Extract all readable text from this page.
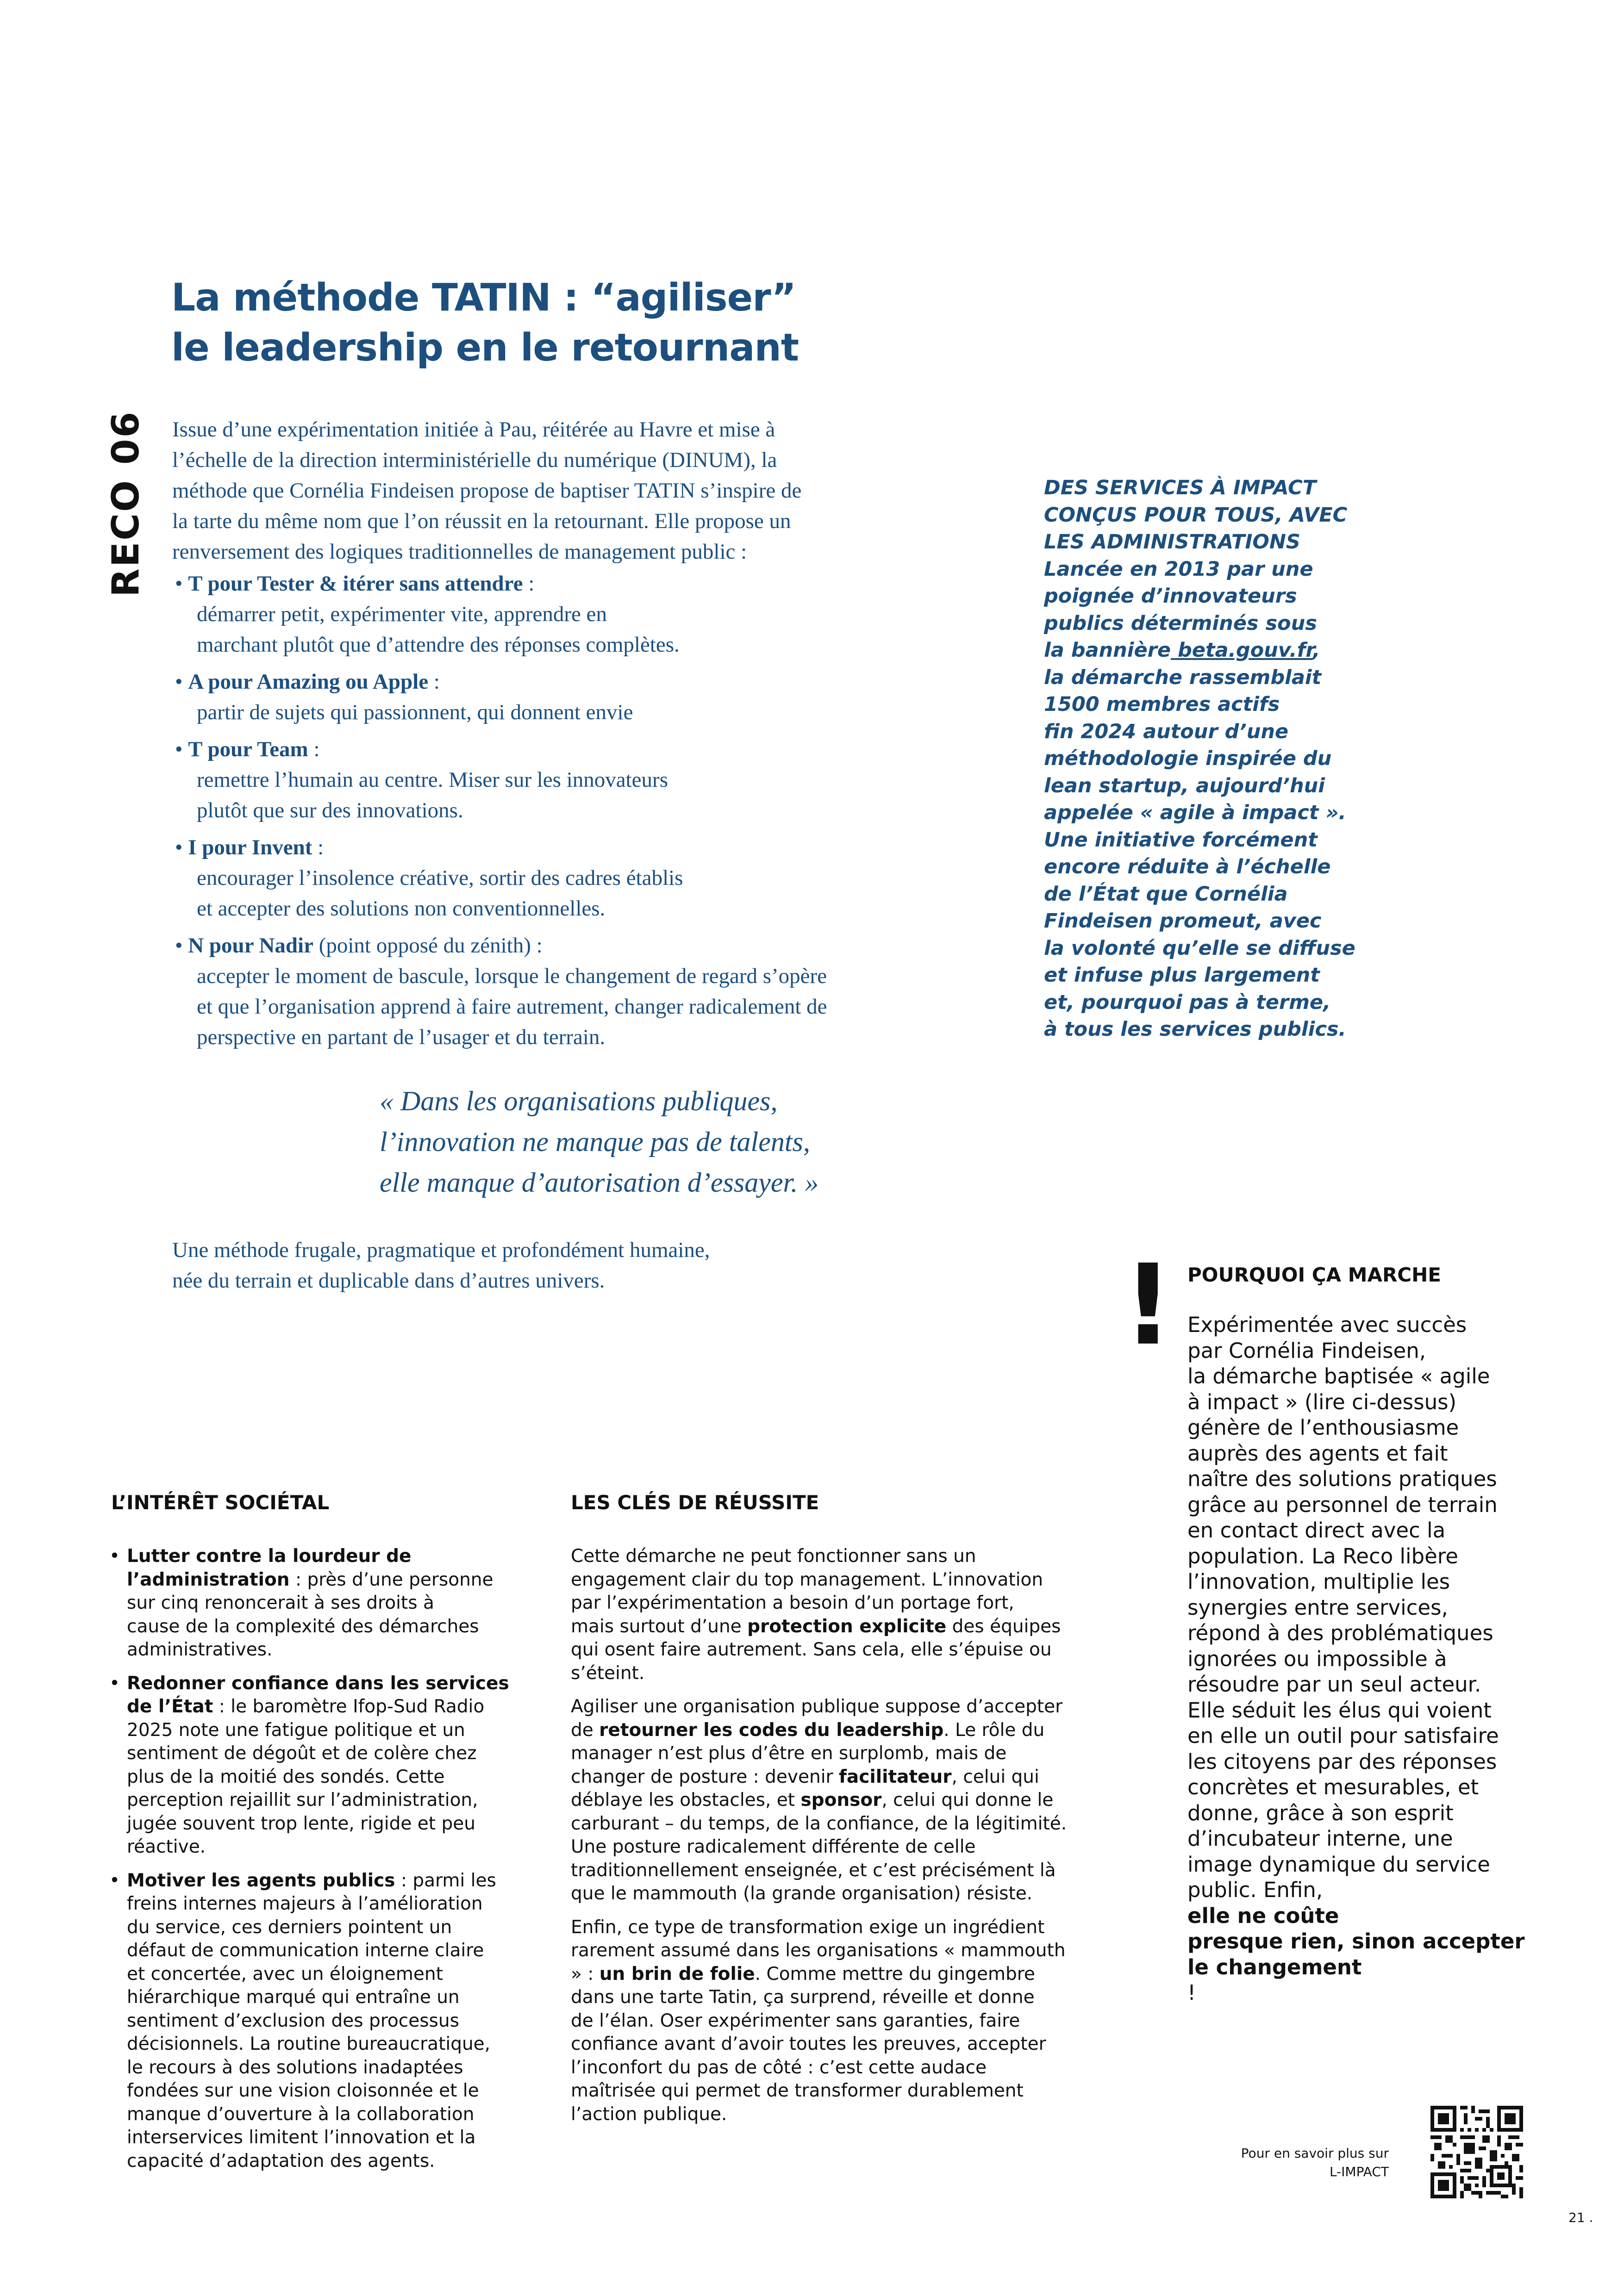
La méthode TATIN : “agiliser”
le leadership en le retournant
RECO 06 Issue d’une expérimentation initiée à Pau, réitérée au Havre et mise à
l’échelle de la direction interministérielle du numérique (DINUM), la
méthode que Cornélia Findeisen propose de baptiser TATIN s’inspire de
la tarte du même nom que l’on réussit en la retournant. Elle propose un
renversement des logiques traditionnelles de management public :
• T pour Tester & itérer sans attendre :
démarrer petit, expérimenter vite, apprendre en
marchant plutôt que d’attendre des réponses complètes.
• A pour Amazing ou Apple :
partir de sujets qui passionnent, qui donnent envie
• T pour Team :
remettre l’humain au centre. Miser sur les innovateurs
plutôt que sur des innovations.
• I pour Invent :
encourager l’insolence créative, sortir des cadres établis
et accepter des solutions non conventionnelles.
• N pour Nadir (point opposé du zénith) :
accepter le moment de bascule, lorsque le changement de regard s’opère
et que l’organisation apprend à faire autrement, changer radicalement de
perspective en partant de l’usager et du terrain.
« Dans les organisations publiques,
l’innovation ne manque pas de talents,
elle manque d’autorisation d’essayer. »
Une méthode frugale, pragmatique et profondément humaine,
née du terrain et duplicable dans d’autres univers.
DES SERVICES À IMPACT
CONÇUS POUR TOUS, AVEC
LES ADMINISTRATIONS
Lancée en 2013 par une
poignée d’innovateurs
publics déterminés sous
la bannière beta.gouv.fr,
la démarche rassemblait
1500 membres actifs
fin 2024 autour d’une
méthodologie inspirée du
lean startup, aujourd’hui
appelée « agile à impact ».
Une initiative forcément
encore réduite à l’échelle
de l’État que Cornélia
Findeisen promeut, avec
la volonté qu’elle se diffuse
et infuse plus largement
et, pourquoi pas à terme,
à tous les services publics.
! POURQUOI ÇA MARCHE
Expérimentée avec succès
par Cornélia Findeisen,
la démarche baptisée « agile
à impact » (lire ci-dessus)
génère de l’enthousiasme
auprès des agents et fait
naître des solutions pratiques
grâce au personnel de terrain
en contact direct avec la
population. La Reco libère
l’innovation, multiplie les
synergies entre services,
répond à des problématiques
ignorées ou impossible à
résoudre par un seul acteur.
Elle séduit les élus qui voient
en elle un outil pour satisfaire
les citoyens par des réponses
concrètes et mesurables, et
donne, grâce à son esprit
d’incubateur interne, une
image dynamique du service
public. Enfin,
elle ne coûte
presque rien, sinon accepter
le changement
!
L’INTÉRÊT SOCIÉTAL	LES CLÉS DE RÉUSSITE
• Lutter contre la lourdeur de
l’administration : près d’une personne
sur cinq renoncerait à ses droits à
cause de la complexité des démarches
administratives.
• Redonner confiance dans les services
de l’État : le baromètre Ifop-Sud Radio
2025 note une fatigue politique et un
sentiment de dégoût et de colère chez
plus de la moitié des sondés. Cette
perception rejaillit sur l’administration,
jugée souvent trop lente, rigide et peu
réactive.
• Motiver les agents publics : parmi les
freins internes majeurs à l’amélioration
du service, ces derniers pointent un
défaut de communication interne claire
et concertée, avec un éloignement
hiérarchique marqué qui entraîne un
sentiment d’exclusion des processus
décisionnels. La routine bureaucratique,
le recours à des solutions inadaptées
fondées sur une vision cloisonnée et le
manque d’ouverture à la collaboration
interservices limitent l’innovation et la
capacité d’adaptation des agents.

Cette démarche ne peut fonctionner sans un
engagement clair du top management. L’innovation
par l’expérimentation a besoin d’un portage fort,
mais surtout d’une protection explicite des équipes
qui osent faire autrement. Sans cela, elle s’épuise ou
s’éteint.

Agiliser une organisation publique suppose d’accepter
de retourner les codes du leadership. Le rôle du
manager n’est plus d’être en surplomb, mais de
changer de posture : devenir facilitateur, celui qui
déblaye les obstacles, et sponsor, celui qui donne le
carburant – du temps, de la confiance, de la légitimité.
Une posture radicalement différente de celle
traditionnellement enseignée, et c’est précisément là
que le mammouth (la grande organisation) résiste.

Enfin, ce type de transformation exige un ingrédient
rarement assumé dans les organisations « mammouth
» : un brin de folie. Comme mettre du gingembre
dans une tarte Tatin, ça surprend, réveille et donne
de l’élan. Oser expérimenter sans garanties, faire
confiance avant d’avoir toutes les preuves, accepter
l’inconfort du pas de côté : c’est cette audace
maîtrisée qui permet de transformer durablement
l’action publique.

Pour en savoir plus sur
L-IMPACT
21 .
